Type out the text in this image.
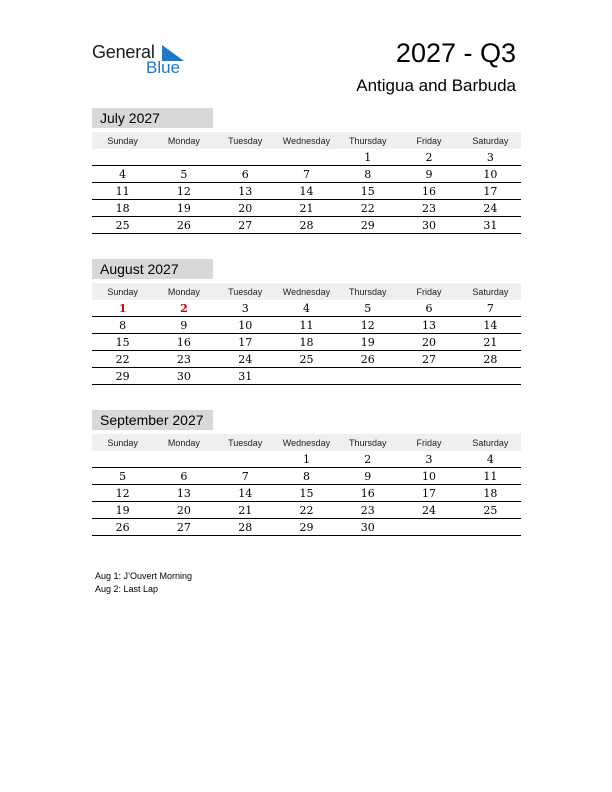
General
Blue	2027 - Q3
Antigua and Barbuda
July 2027
Sunday	Monday	Tuesday	Wednesday	Thursday	Friday	Saturday
				1	2	3
4	5	6	7	8	9	10
11	12	13	14	15	16	17
18	19	20	21	22	23	24
25	26	27	28	29	30	31
August 2027
Sunday	Monday	Tuesday	Wednesday	Thursday	Friday	Saturday
1	2	3	4	5	6	7
8	9	10	11	12	13	14
15	16	17	18	19	20	21
22	23	24	25	26	27	28
29	30	31				
September 2027
Sunday	Monday	Tuesday	Wednesday	Thursday	Friday	Saturday
			1	2	3	4
5	6	7	8	9	10	11
12	13	14	15	16	17	18
19	20	21	22	23	24	25
26	27	28	29	30		
Aug 1: J’Ouvert Morning
Aug 2: Last Lap
